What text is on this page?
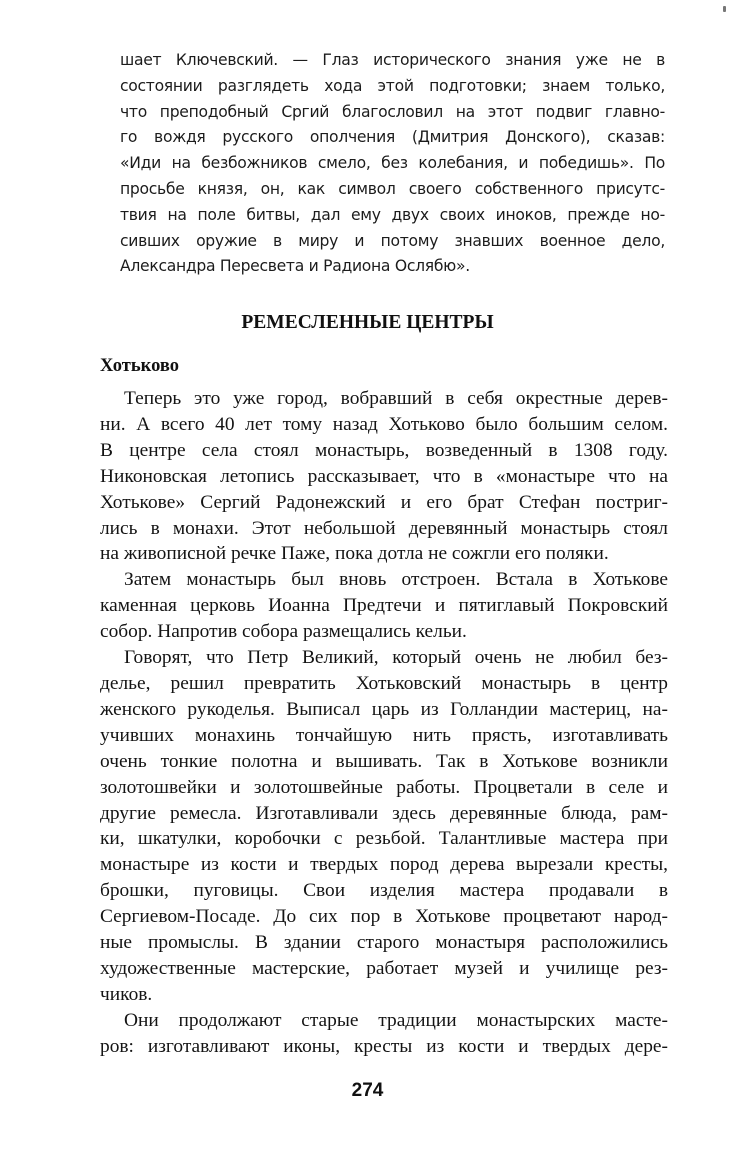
шает Ключевский. — Глаз исторического знания уже не в
состоянии разглядеть хода этой подготовки; знаем только,
что преподобный Сргий благословил на этот подвиг главно-
го вождя русского ополчения (Дмитрия Донского), сказав:
«Иди на безбожников смело, без колебания, и победишь». По
просьбе князя, он, как символ своего собственного присутс-
твия на поле битвы, дал ему двух своих иноков, прежде но-
сивших оружие в миру и потому знавших военное дело,
Александра Пересвета и Радиона Ослябю».
РЕМЕСЛЕННЫЕ ЦЕНТРЫ
Хотьково
Теперь это уже город, вобравший в себя окрестные дерев-
ни. А всего 40 лет тому назад Хотьково было большим селом.
В центре села стоял монастырь, возведенный в 1308 году.
Никоновская летопись рассказывает, что в «монастыре что на
Хотькове» Сергий Радонежский и его брат Стефан постриг-
лись в монахи. Этот небольшой деревянный монастырь стоял
на живописной речке Паже, пока дотла не сожгли его поляки.
Затем монастырь был вновь отстроен. Встала в Хотькове
каменная церковь Иоанна Предтечи и пятиглавый Покровский
собор. Напротив собора размещались кельи.
Говорят, что Петр Великий, который очень не любил без-
делье, решил превратить Хотьковский монастырь в центр
женского рукоделья. Выписал царь из Голландии мастериц, на-
учивших монахинь тончайшую нить прясть, изготавливать
очень тонкие полотна и вышивать. Так в Хотькове возникли
золотошвейки и золотошвейные работы. Процветали в селе и
другие ремесла. Изготавливали здесь деревянные блюда, рам-
ки, шкатулки, коробочки с резьбой. Талантливые мастера при
монастыре из кости и твердых пород дерева вырезали кресты,
брошки, пуговицы. Свои изделия мастера продавали в
Сергиевом-Посаде. До сих пор в Хотькове процветают народ-
ные промыслы. В здании старого монастыря расположились
художественные мастерские, работает музей и училище рез-
чиков.
Они продолжают старые традиции монастырских масте-
ров: изготавливают иконы, кресты из кости и твердых дере-
274
